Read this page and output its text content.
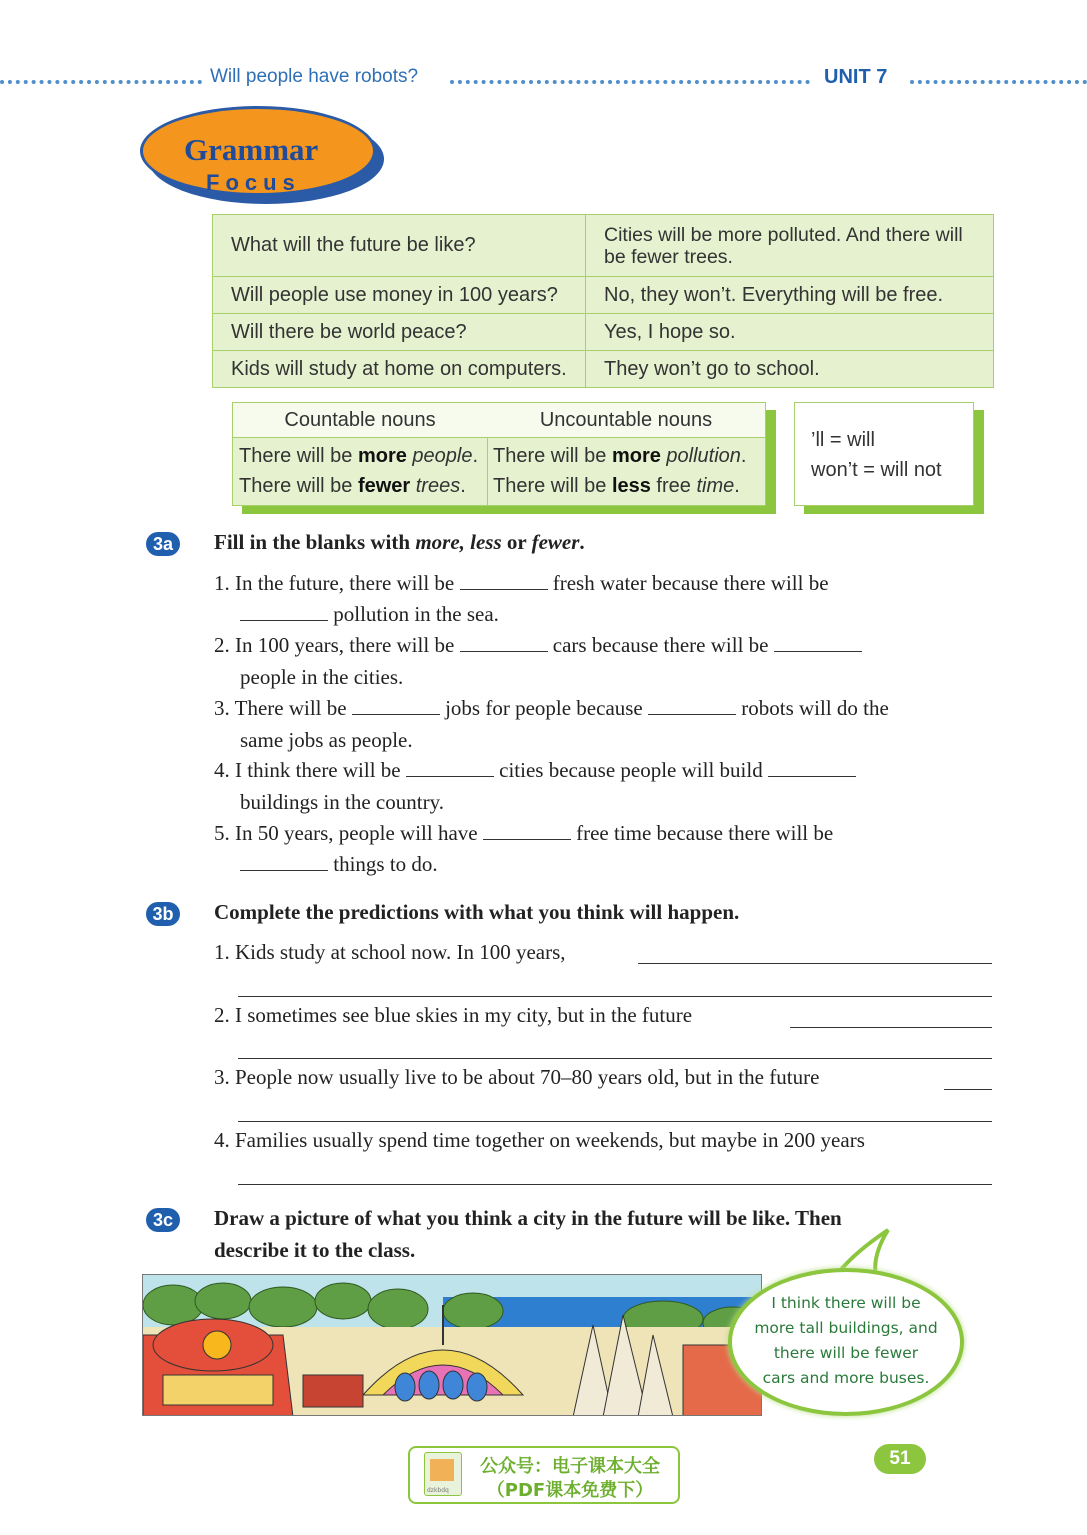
Will people have robots?	UNIT 7
Grammar
Focus
What will the future be like?	Cities will be more polluted. And there will be fewer trees.
Will people use money in 100 years?	No, they won’t. Everything will be free.
Will there be world peace?	Yes, I hope so.
Kids will study at home on computers.	They won’t go to school.
Countable nouns
There will be more people.
There will be fewer trees.
Uncountable nouns
There will be more pollution.
There will be less free time.
’ll = will
won’t = will not
3a	Fill in the blanks with more, less or fewer.
1. In the future, there will be	fresh water because there will be
pollution in the sea.
2. In 100 years, there will be	cars because there will be
people in the cities.
3. There will be	jobs for people because	robots will do the
same jobs as people.
4. I think there will be	cities because people will build
buildings in the country.
5. In 50 years, people will have	free time because there will be
things to do.
3b	Complete the predictions with what you think will happen.
1. Kids study at school now. In 100 years,
2. I sometimes see blue skies in my city, but in the future
3. People now usually live to be about 70–80 years old, but in the future
4. Families usually spend time together on weekends, but maybe in 200 years
3c	Draw a picture of what you think a city in the future will be like. Then
describe it to the class.
I think there will be
more tall buildings, and
there will be fewer
cars and more buses.
dzkbdq
公众号：电子课本大全
（PDF课本免费下）
51
